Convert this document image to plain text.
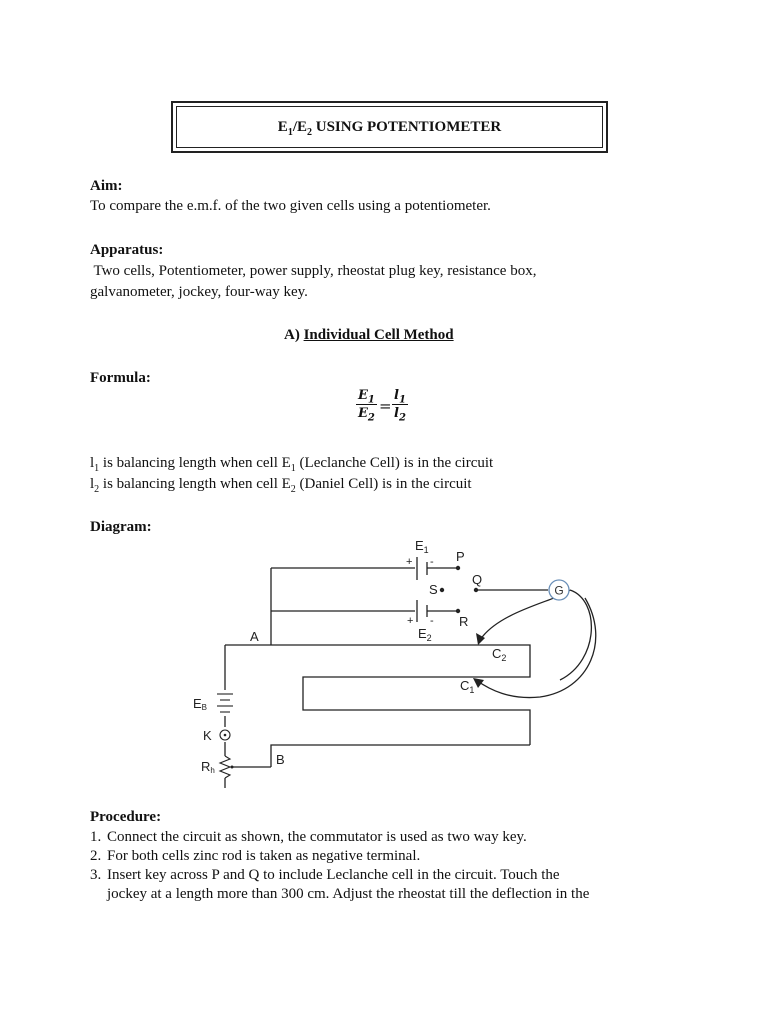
$E_1/E_2$ USING POTENTIOMETER
Aim:
To compare the e.m.f. of the two given cells using a potentiometer.
Apparatus:
Two cells, Potentiometer, power supply, rheostat plug key, resistance box,
galvanometer, jockey, four-way key.
A) Individual Cell Method
Formula:
$\frac{E_1}{E_2} = \frac{l_1}{l_2}$
$l_1$ is balancing length when cell $E_1$ (Leclanche Cell) is in the circuit
$l_2$ is balancing length when cell $E_2$ (Daniel Cell) is in the circuit
Diagram:
G
$E_1$
+ - P
Q
S
+ - R
$E_2$
A
$C_2$
$C_1$
EB
K
Rh
B
Procedure:
1. Connect the circuit as shown, the commutator is used as two way key.
2. For both cells zinc rod is taken as negative terminal.
3. Insert key across P and Q to include Leclanche cell in the circuit. Touch the
jockey at a length more than 300 cm. Adjust the rheostat till the deflection in the
